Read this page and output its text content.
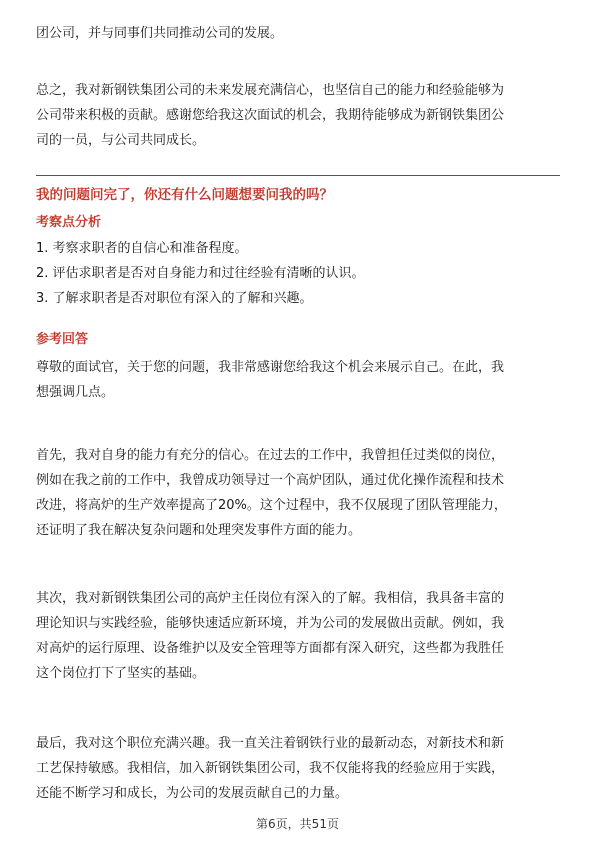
团公司，并与同事们共同推动公司的发展。
总之，我对新钢铁集团公司的未来发展充满信心，也坚信自己的能力和经验能够为
公司带来积极的贡献。感谢您给我这次面试的机会，我期待能够成为新钢铁集团公
司的一员，与公司共同成长。
我的问题问完了，你还有什么问题想要问我的吗？
考察点分析
1. 考察求职者的自信心和准备程度。
2. 评估求职者是否对自身能力和过往经验有清晰的认识。
3. 了解求职者是否对职位有深入的了解和兴趣。
参考回答
尊敬的面试官，关于您的问题，我非常感谢您给我这个机会来展示自己。在此，我
想强调几点。
首先，我对自身的能力有充分的信心。在过去的工作中，我曾担任过类似的岗位，
例如在我之前的工作中，我曾成功领导过一个高炉团队，通过优化操作流程和技术
改进，将高炉的生产效率提高了20%。这个过程中，我不仅展现了团队管理能力，
还证明了我在解决复杂问题和处理突发事件方面的能力。
其次，我对新钢铁集团公司的高炉主任岗位有深入的了解。我相信，我具备丰富的
理论知识与实践经验，能够快速适应新环境，并为公司的发展做出贡献。例如，我
对高炉的运行原理、设备维护以及安全管理等方面都有深入研究，这些都为我胜任
这个岗位打下了坚实的基础。
最后，我对这个职位充满兴趣。我一直关注着钢铁行业的最新动态，对新技术和新
工艺保持敏感。我相信，加入新钢铁集团公司，我不仅能将我的经验应用于实践，
还能不断学习和成长，为公司的发展贡献自己的力量。
第6页，共51页
